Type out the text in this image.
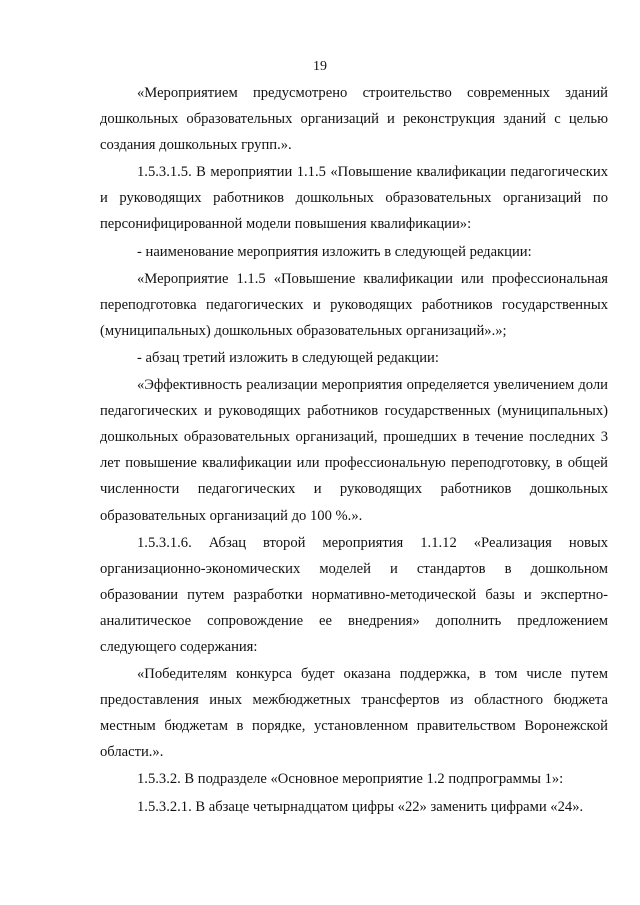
19

«Мероприятием предусмотрено строительство современных зданий дошкольных образовательных организаций и реконструкция зданий с целью создания дошкольных групп.».

1.5.3.1.5. В мероприятии 1.1.5 «Повышение квалификации педагогических и руководящих работников дошкольных образовательных организаций по персонифицированной модели повышения квалификации»:

- наименование мероприятия изложить в следующей редакции:

«Мероприятие 1.1.5 «Повышение квалификации или профессиональная переподготовка педагогических и руководящих работников государственных (муниципальных) дошкольных образовательных организаций».»;

- абзац третий изложить в следующей редакции:

«Эффективность реализации мероприятия определяется увеличением доли педагогических и руководящих работников государственных (муниципальных) дошкольных образовательных организаций, прошедших в течение последних 3 лет повышение квалификации или профессиональную переподготовку, в общей численности педагогических и руководящих работников дошкольных образовательных организаций до 100 %.».

1.5.3.1.6. Абзац второй мероприятия 1.1.12 «Реализация новых организационно-экономических моделей и стандартов в дошкольном образовании путем разработки нормативно-методической базы и экспертно-аналитическое сопровождение ее внедрения» дополнить предложением следующего содержания:

«Победителям конкурса будет оказана поддержка, в том числе путем предоставления иных межбюджетных трансфертов из областного бюджета местным бюджетам в порядке, установленном правительством Воронежской области.».

1.5.3.2. В подразделе «Основное мероприятие 1.2 подпрограммы 1»:

1.5.3.2.1. В абзаце четырнадцатом цифры «22» заменить цифрами «24».
